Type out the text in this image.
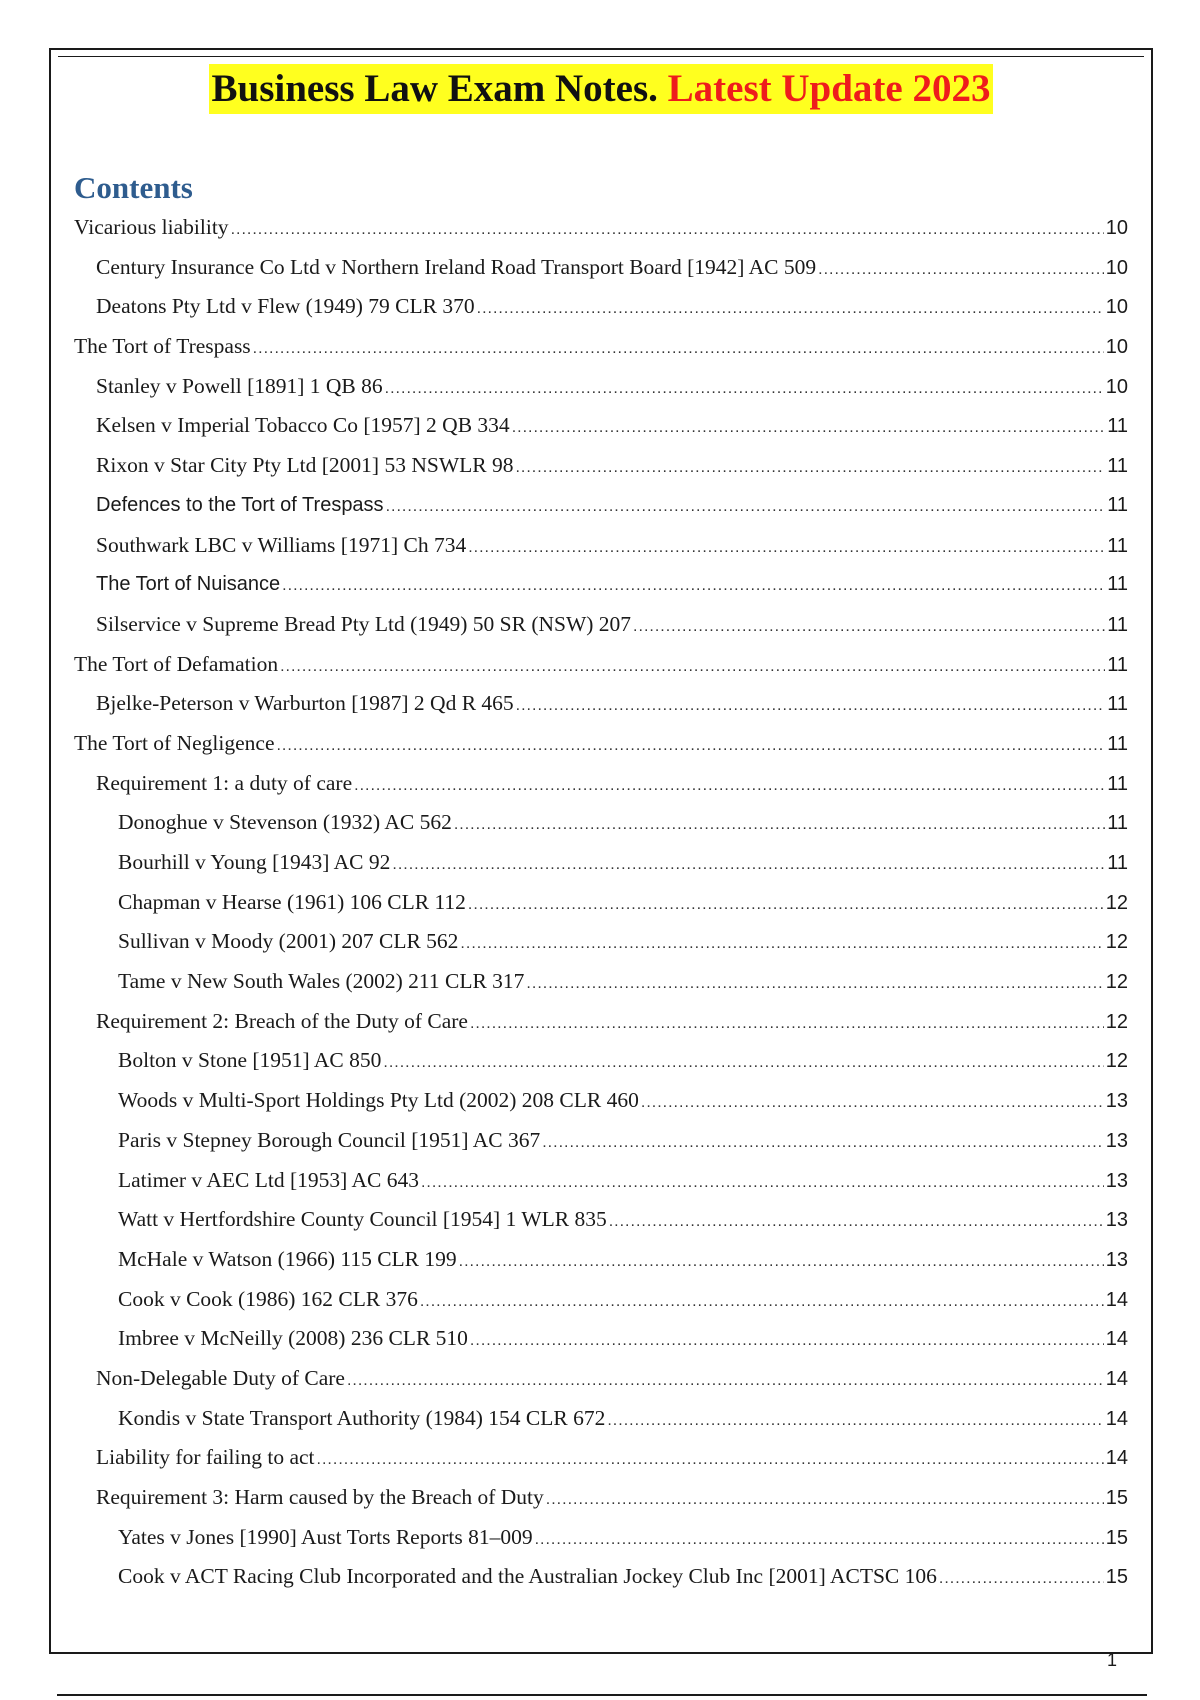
Business Law Exam Notes. Latest Update 2023
Contents
Vicarious liability .....	10
Century Insurance Co Ltd v Northern Ireland Road Transport Board [1942] AC 509 .....	10
Deatons Pty Ltd v Flew (1949) 79 CLR 370 .....	10
The Tort of Trespass .....	10
Stanley v Powell [1891] 1 QB 86 .....	10
Kelsen v Imperial Tobacco Co [1957] 2 QB 334 .....	11
Rixon v Star City Pty Ltd [2001] 53 NSWLR 98 .....	11
Defences to the Tort of Trespass .....	11
Southwark LBC v Williams [1971] Ch 734 .....	11
The Tort of Nuisance .....	11
Silservice v Supreme Bread Pty Ltd (1949) 50 SR (NSW) 207 .....	11
The Tort of Defamation .....	11
Bjelke-Peterson v Warburton [1987] 2 Qd R 465 .....	11
The Tort of Negligence .....	11
Requirement 1: a duty of care .....	11
Donoghue v Stevenson (1932) AC 562 .....	11
Bourhill v Young [1943] AC 92 .....	11
Chapman v Hearse (1961) 106 CLR 112 .....	12
Sullivan v Moody (2001) 207 CLR 562 .....	12
Tame v New South Wales (2002) 211 CLR 317 .....	12
Requirement 2: Breach of the Duty of Care .....	12
Bolton v Stone [1951] AC 850 .....	12
Woods v Multi-Sport Holdings Pty Ltd (2002) 208 CLR 460 .....	13
Paris v Stepney Borough Council [1951] AC 367 .....	13
Latimer v AEC Ltd [1953] AC 643 .....	13
Watt v Hertfordshire County Council [1954] 1 WLR 835 .....	13
McHale v Watson (1966) 115 CLR 199 .....	13
Cook v Cook (1986) 162 CLR 376 .....	14
Imbree v McNeilly (2008) 236 CLR 510 .....	14
Non-Delegable Duty of Care .....	14
Kondis v State Transport Authority (1984) 154 CLR 672 .....	14
Liability for failing to act .....	14
Requirement 3: Harm caused by the Breach of Duty .....	15
Yates v Jones [1990] Aust Torts Reports 81–009 .....	15
Cook v ACT Racing Club Incorporated and the Australian Jockey Club Inc [2001] ACTSC 106 .....	15
1
